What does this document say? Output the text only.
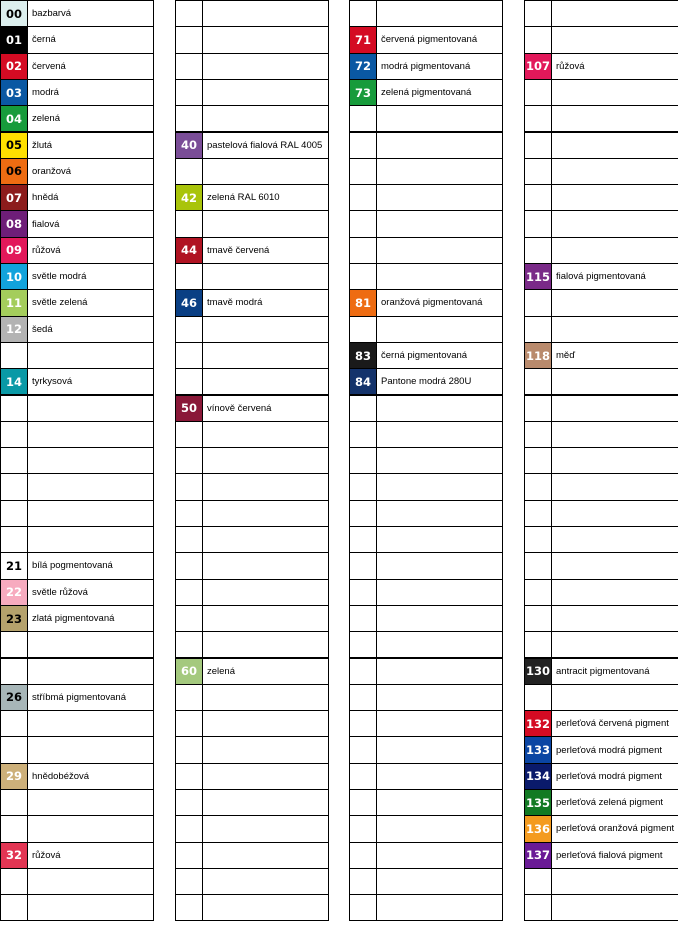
00	bazbarvá
01	černá
02	červená
03	modrá
04	zelená
05	žlutá
06	oranžová
07	hnědá
08	fialová
09	růžová
10	světle modrá
11	světle zelená
12	šedá
14	tyrkysová
21	bílá pogmentovaná
22	světle růžová
23	zlatá pigmentovaná
26	stříbmá pigmentovaná
29	hnědobéžová
32	růžová
40	pastelová fialová RAL 4005
42	zelená RAL 6010
44	tmavě červená
46	tmavě modrá
50	vínově červená
60	zelená
71	červená pigmentovaná
72	modrá pigmentovaná
73	zelená pigmentovaná
81	oranžová pigmentovaná
83	černá pigmentovaná
84	Pantone modrá 280U
107 růžová
115 fialová pigmentovaná
118 měď
130 antracit pigmentovaná
132 perleťová červená pigment
133 perleťová modrá pigment
134 perleťová modrá pigment
135 perleťová zelená pigment
136 perleťová oranžová pigment
137 perleťová fialová pigment
